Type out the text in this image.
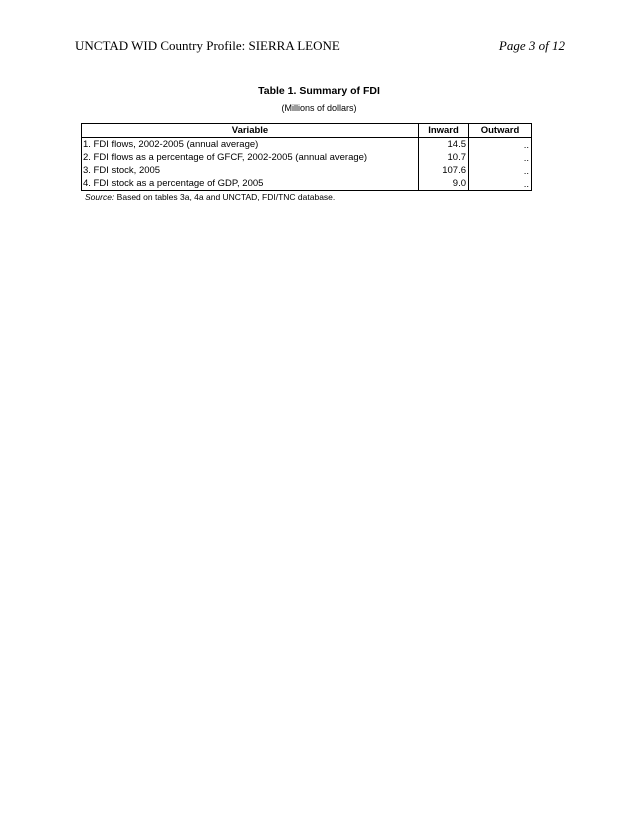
UNCTAD WID Country Profile: SIERRA LEONE	Page 3 of 12
Table 1. Summary of FDI
(Millions of dollars)
Variable	Inward	Outward
1. FDI flows, 2002-2005 (annual average)	14.5	..
2. FDI flows as a percentage of GFCF, 2002-2005 (annual average)	10.7	..
3. FDI stock, 2005	107.6	..
4. FDI stock as a percentage of GDP, 2005	9.0	..
Source: Based on tables 3a, 4a and UNCTAD, FDI/TNC database.
